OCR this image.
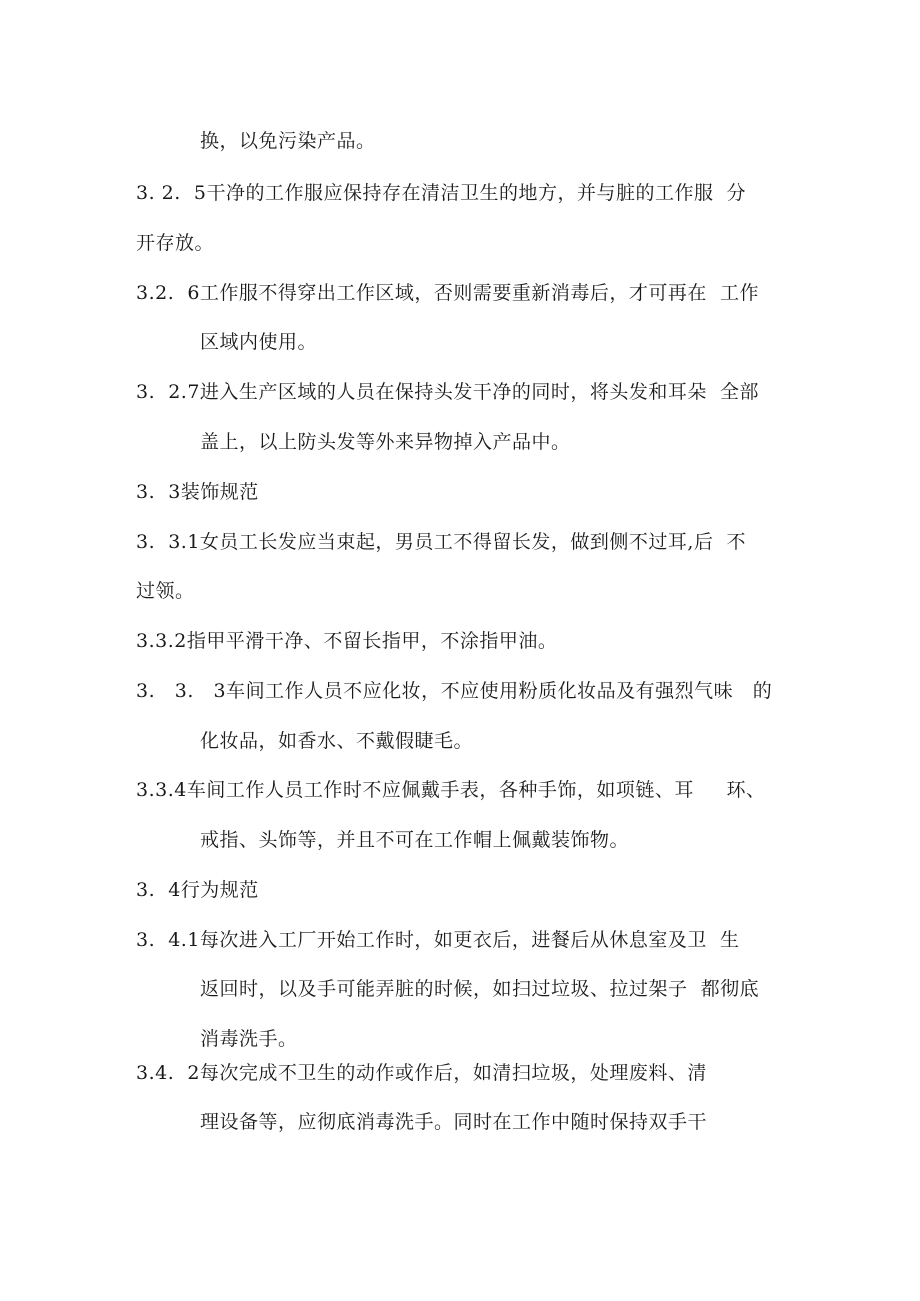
换，以免污染产品。
3. 2.  5干净的工作服应保持存在清洁卫生的地方，并与脏的工作服  分
开存放。
3.2.  6工作服不得穿出工作区域，否则需要重新消毒后，才可再在  工作
区域内使用。
3.  2.7进入生产区域的人员在保持头发干净的同时，将头发和耳朵  全部
盖上，以上防头发等外来异物掉入产品中。
3.  3装饰规范
3.  3.1女员工长发应当束起，男员工不得留长发，做到侧不过耳,后  不
过领。
3.3.2指甲平滑干净、不留长指甲，不涂指甲油。
3.   3.   3车间工作人员不应化妆，不应使用粉质化妆品及有强烈气味   的
化妆品，如香水、不戴假睫毛。
3.3.4车间工作人员工作时不应佩戴手表，各种手饰，如项链、耳     环、
戒指、头饰等，并且不可在工作帽上佩戴装饰物。
3.  4行为规范
3.  4.1每次进入工厂开始工作时，如更衣后，进餐后从休息室及卫  生
返回时，以及手可能弄脏的时候，如扫过垃圾、拉过架子  都彻底
消毒洗手。
3.4.  2每次完成不卫生的动作或作后，如清扫垃圾，处理废料、清
理设备等，应彻底消毒洗手。同时在工作中随时保持双手干
